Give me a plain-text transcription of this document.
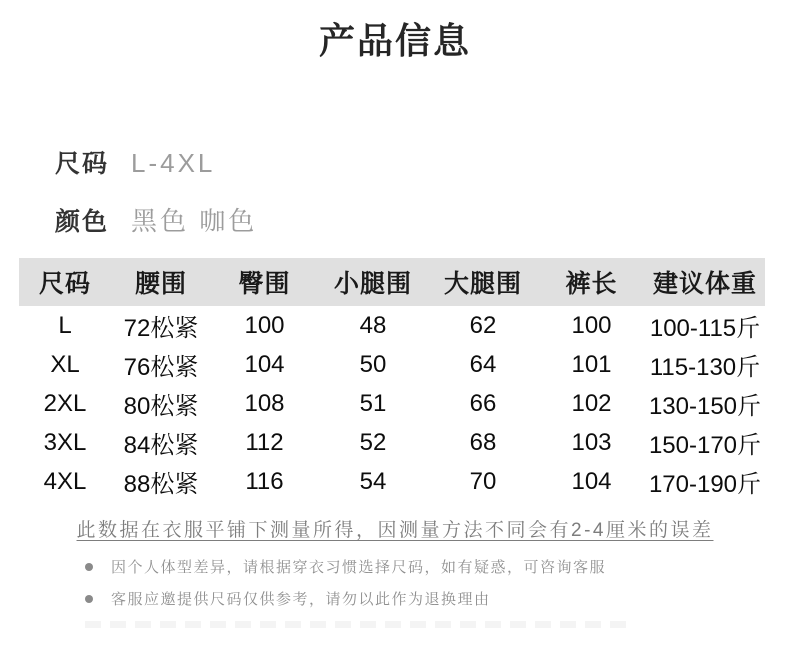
产品信息
尺码 L-4XL
颜色 黑色 咖色
尺码	腰围	臀围	小腿围	大腿围	裤长	建议体重
L	72松紧	100	48	62	100	100-115斤
XL	76松紧	104	50	64	101	115-130斤
2XL	80松紧	108	51	66	102	130-150斤
3XL	84松紧	112	52	68	103	150-170斤
4XL	88松紧	116	54	70	104	170-190斤

此数据在衣服平铺下测量所得，因测量方法不同会有2-4厘米的误差

因个人体型差异，请根据穿衣习惯选择尺码，如有疑惑，可咨询客服
客服应邀提供尺码仅供参考，请勿以此作为退换理由
